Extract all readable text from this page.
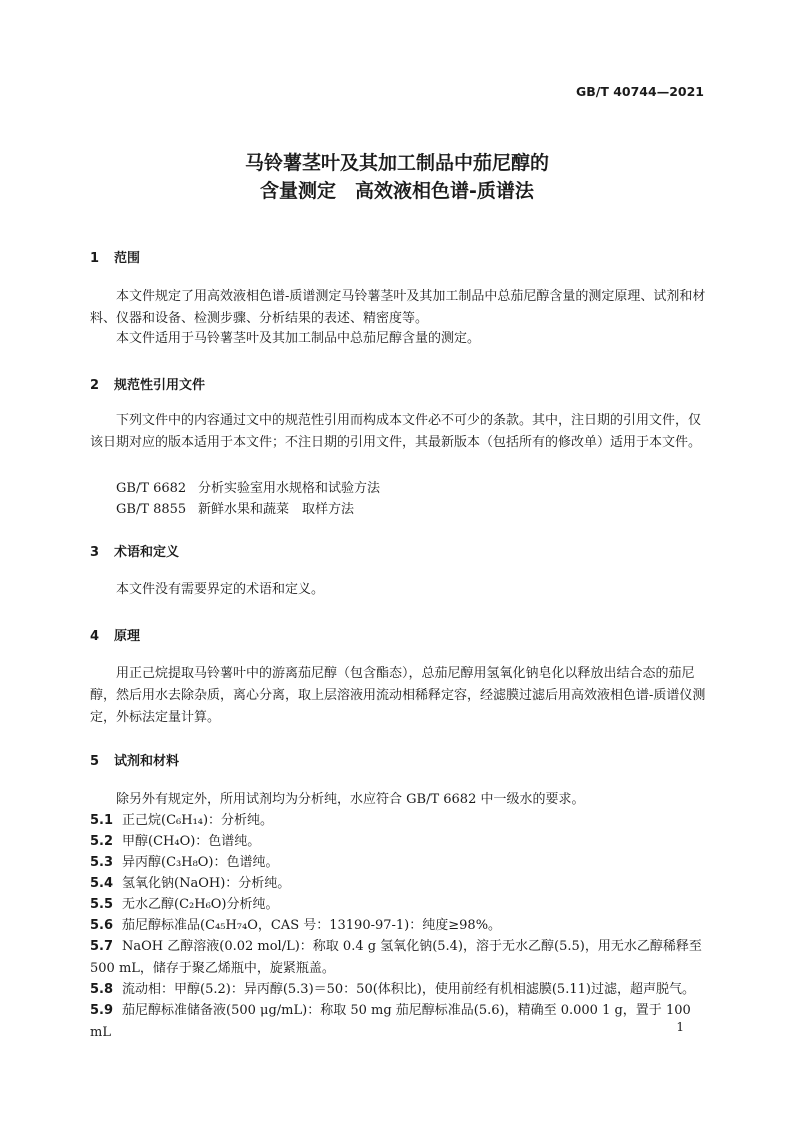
GB/T 40744—2021
马铃薯茎叶及其加工制品中茄尼醇的
含量测定　高效液相色谱-质谱法
1 范围
本文件规定了用高效液相色谱-质谱测定马铃薯茎叶及其加工制品中总茄尼醇含量的测定原理、试剂和材料、仪器和设备、检测步骤、分析结果的表述、精密度等。
本文件适用于马铃薯茎叶及其加工制品中总茄尼醇含量的测定。
2 规范性引用文件
下列文件中的内容通过文中的规范性引用而构成本文件必不可少的条款。其中，注日期的引用文件，仅该日期对应的版本适用于本文件；不注日期的引用文件，其最新版本（包括所有的修改单）适用于本文件。
GB/T 6682 分析实验室用水规格和试验方法
GB/T 8855 新鲜水果和蔬菜　取样方法
3 术语和定义
本文件没有需要界定的术语和定义。
4 原理
用正己烷提取马铃薯叶中的游离茄尼醇（包含酯态），总茄尼醇用氢氧化钠皂化以释放出结合态的茄尼醇，然后用水去除杂质，离心分离，取上层溶液用流动相稀释定容，经滤膜过滤后用高效液相色谱-质谱仪测定，外标法定量计算。
5 试剂和材料
除另外有规定外，所用试剂均为分析纯，水应符合 GB/T 6682 中一级水的要求。
5.1 正己烷(C₆H₁₄)：分析纯。
5.2 甲醇(CH₄O)：色谱纯。
5.3 异丙醇(C₃H₈O)：色谱纯。
5.4 氢氧化钠(NaOH)：分析纯。
5.5 无水乙醇(C₂H₆O)分析纯。
5.6 茄尼醇标准品(C₄₅H₇₄O，CAS 号：13190-97-1)：纯度≥98%。
5.7 NaOH 乙醇溶液(0.02 mol/L)：称取 0.4 g 氢氧化钠(5.4)，溶于无水乙醇(5.5)，用无水乙醇稀释至 500 mL，储存于聚乙烯瓶中，旋紧瓶盖。
5.8 流动相：甲醇(5.2)：异丙醇(5.3)＝50：50(体积比)，使用前经有机相滤膜(5.11)过滤，超声脱气。
5.9 茄尼醇标准储备液(500 μg/mL)：称取 50 mg 茄尼醇标准品(5.6)，精确至 0.000 1 g，置于 100 mL	1
